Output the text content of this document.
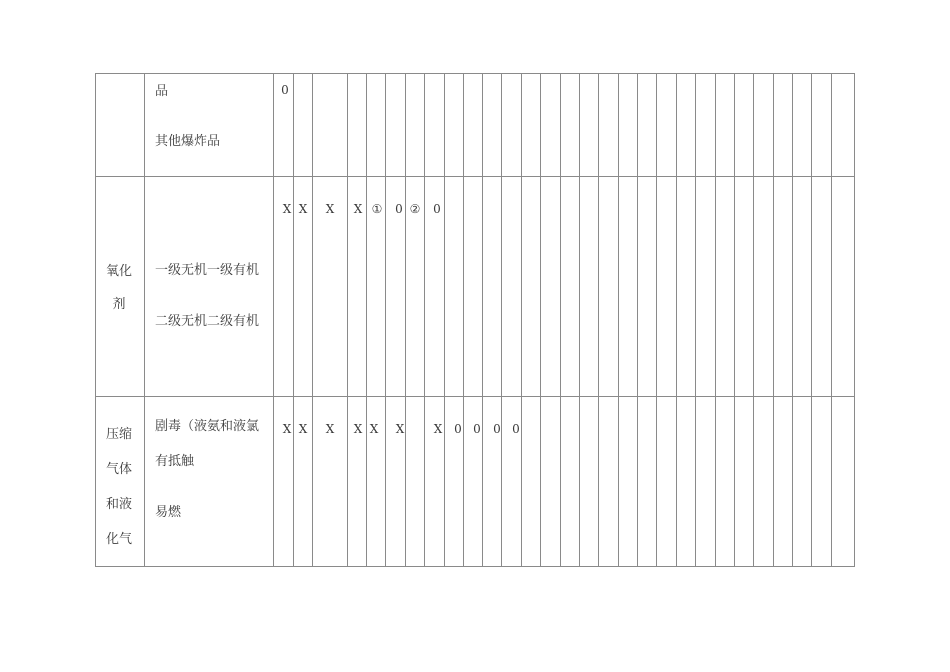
品
其他爆炸品
0
氧化
剂
一级无机一级有机
二级无机二级有机
X X X X ① 0 ② 0
压缩
气体
和液
化气
剧毒（液氨和液氯
有抵触
易燃
X X X X X X X 0 0 0 0
